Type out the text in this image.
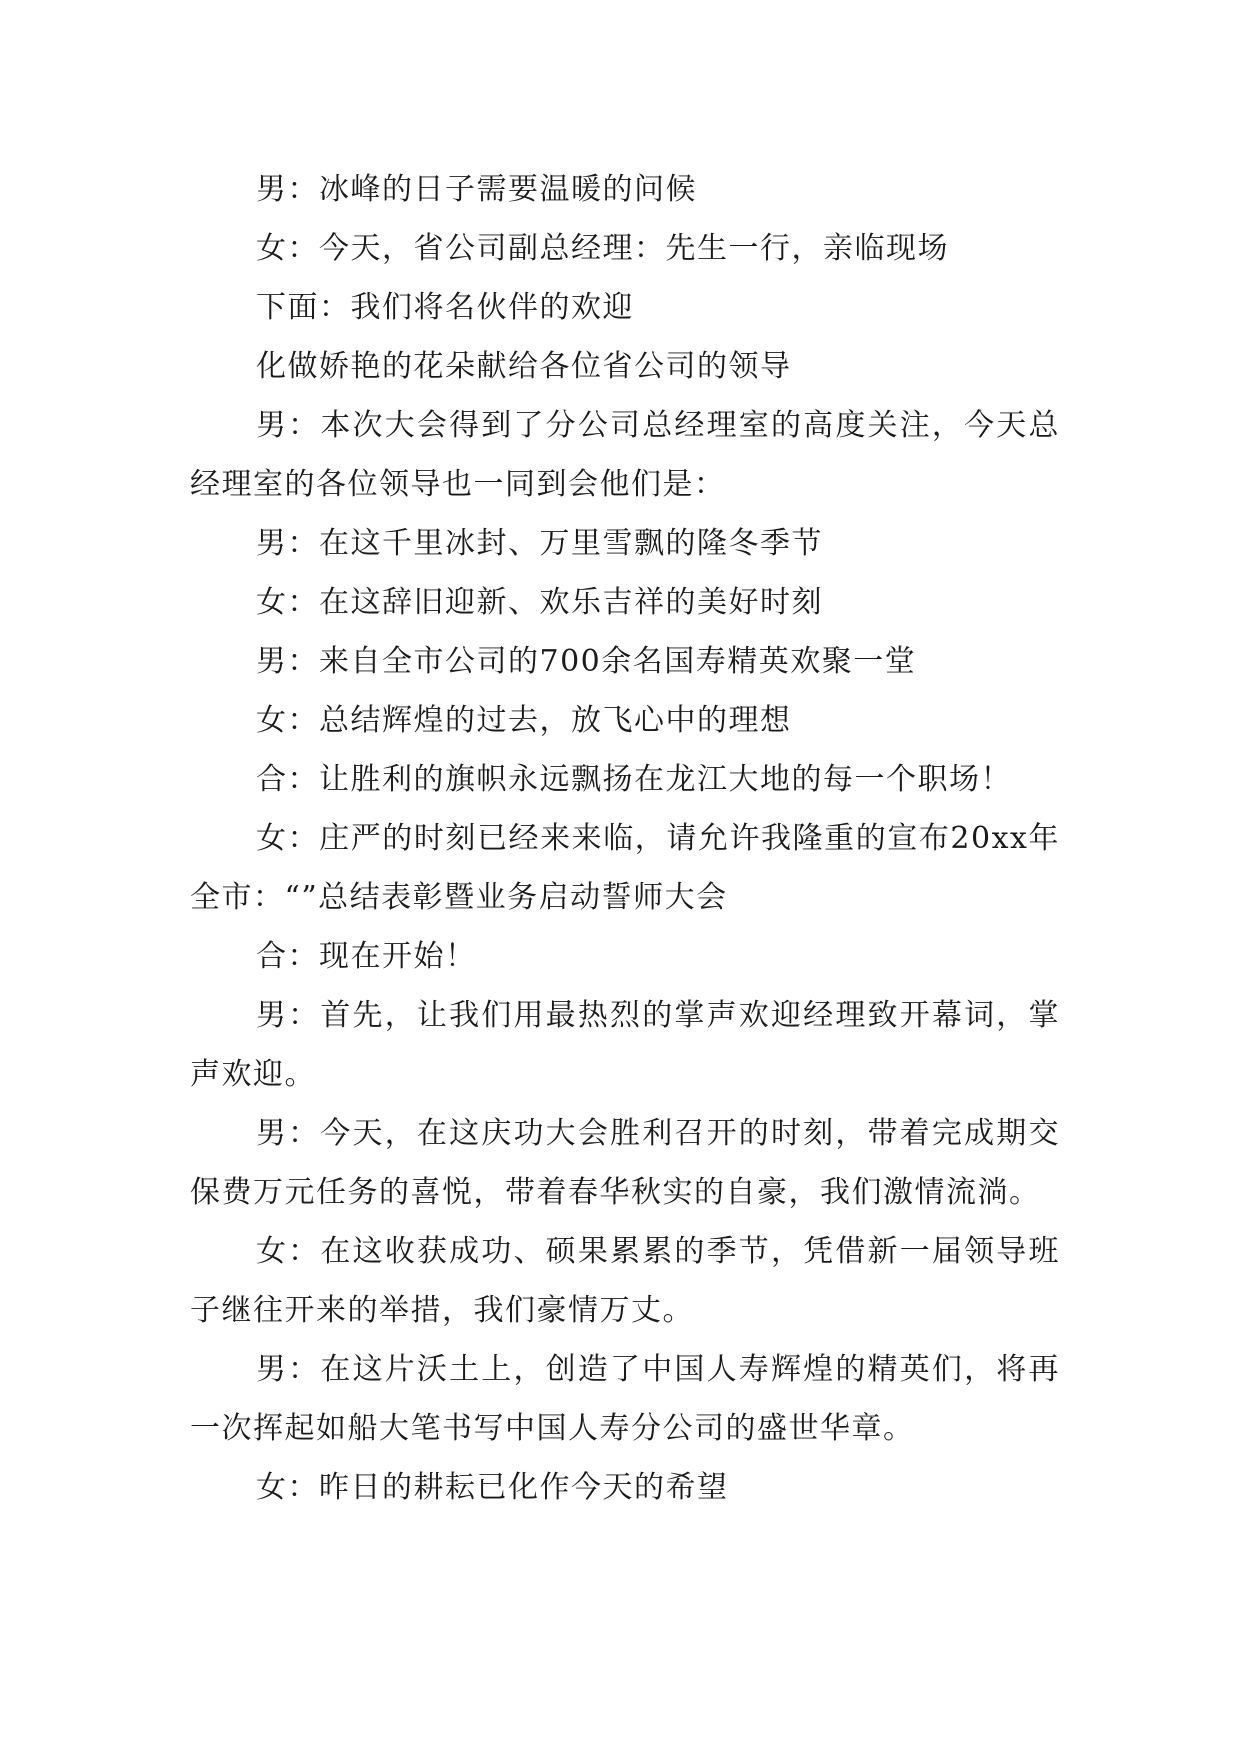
男：冰峰的日子需要温暖的问候

女：今天，省公司副总经理：先生一行，亲临现场

下面：我们将名伙伴的欢迎

化做娇艳的花朵献给各位省公司的领导

男：本次大会得到了分公司总经理室的高度关注，今天总经理室的各位领导也一同到会他们是：

男：在这千里冰封、万里雪飘的隆冬季节

女：在这辞旧迎新、欢乐吉祥的美好时刻

男：来自全市公司的700余名国寿精英欢聚一堂

女：总结辉煌的过去，放飞心中的理想

合：让胜利的旗帜永远飘扬在龙江大地的每一个职场！

女：庄严的时刻已经来来临，请允许我隆重的宣布20xx年全市：“”总结表彰暨业务启动誓师大会

合：现在开始！

男：首先，让我们用最热烈的掌声欢迎经理致开幕词，掌声欢迎。

男：今天，在这庆功大会胜利召开的时刻，带着完成期交保费万元任务的喜悦，带着春华秋实的自豪，我们激情流淌。

女：在这收获成功、硕果累累的季节，凭借新一届领导班子继往开来的举措，我们豪情万丈。

男：在这片沃土上，创造了中国人寿辉煌的精英们，将再一次挥起如船大笔书写中国人寿分公司的盛世华章。

女：昨日的耕耘已化作今天的希望
